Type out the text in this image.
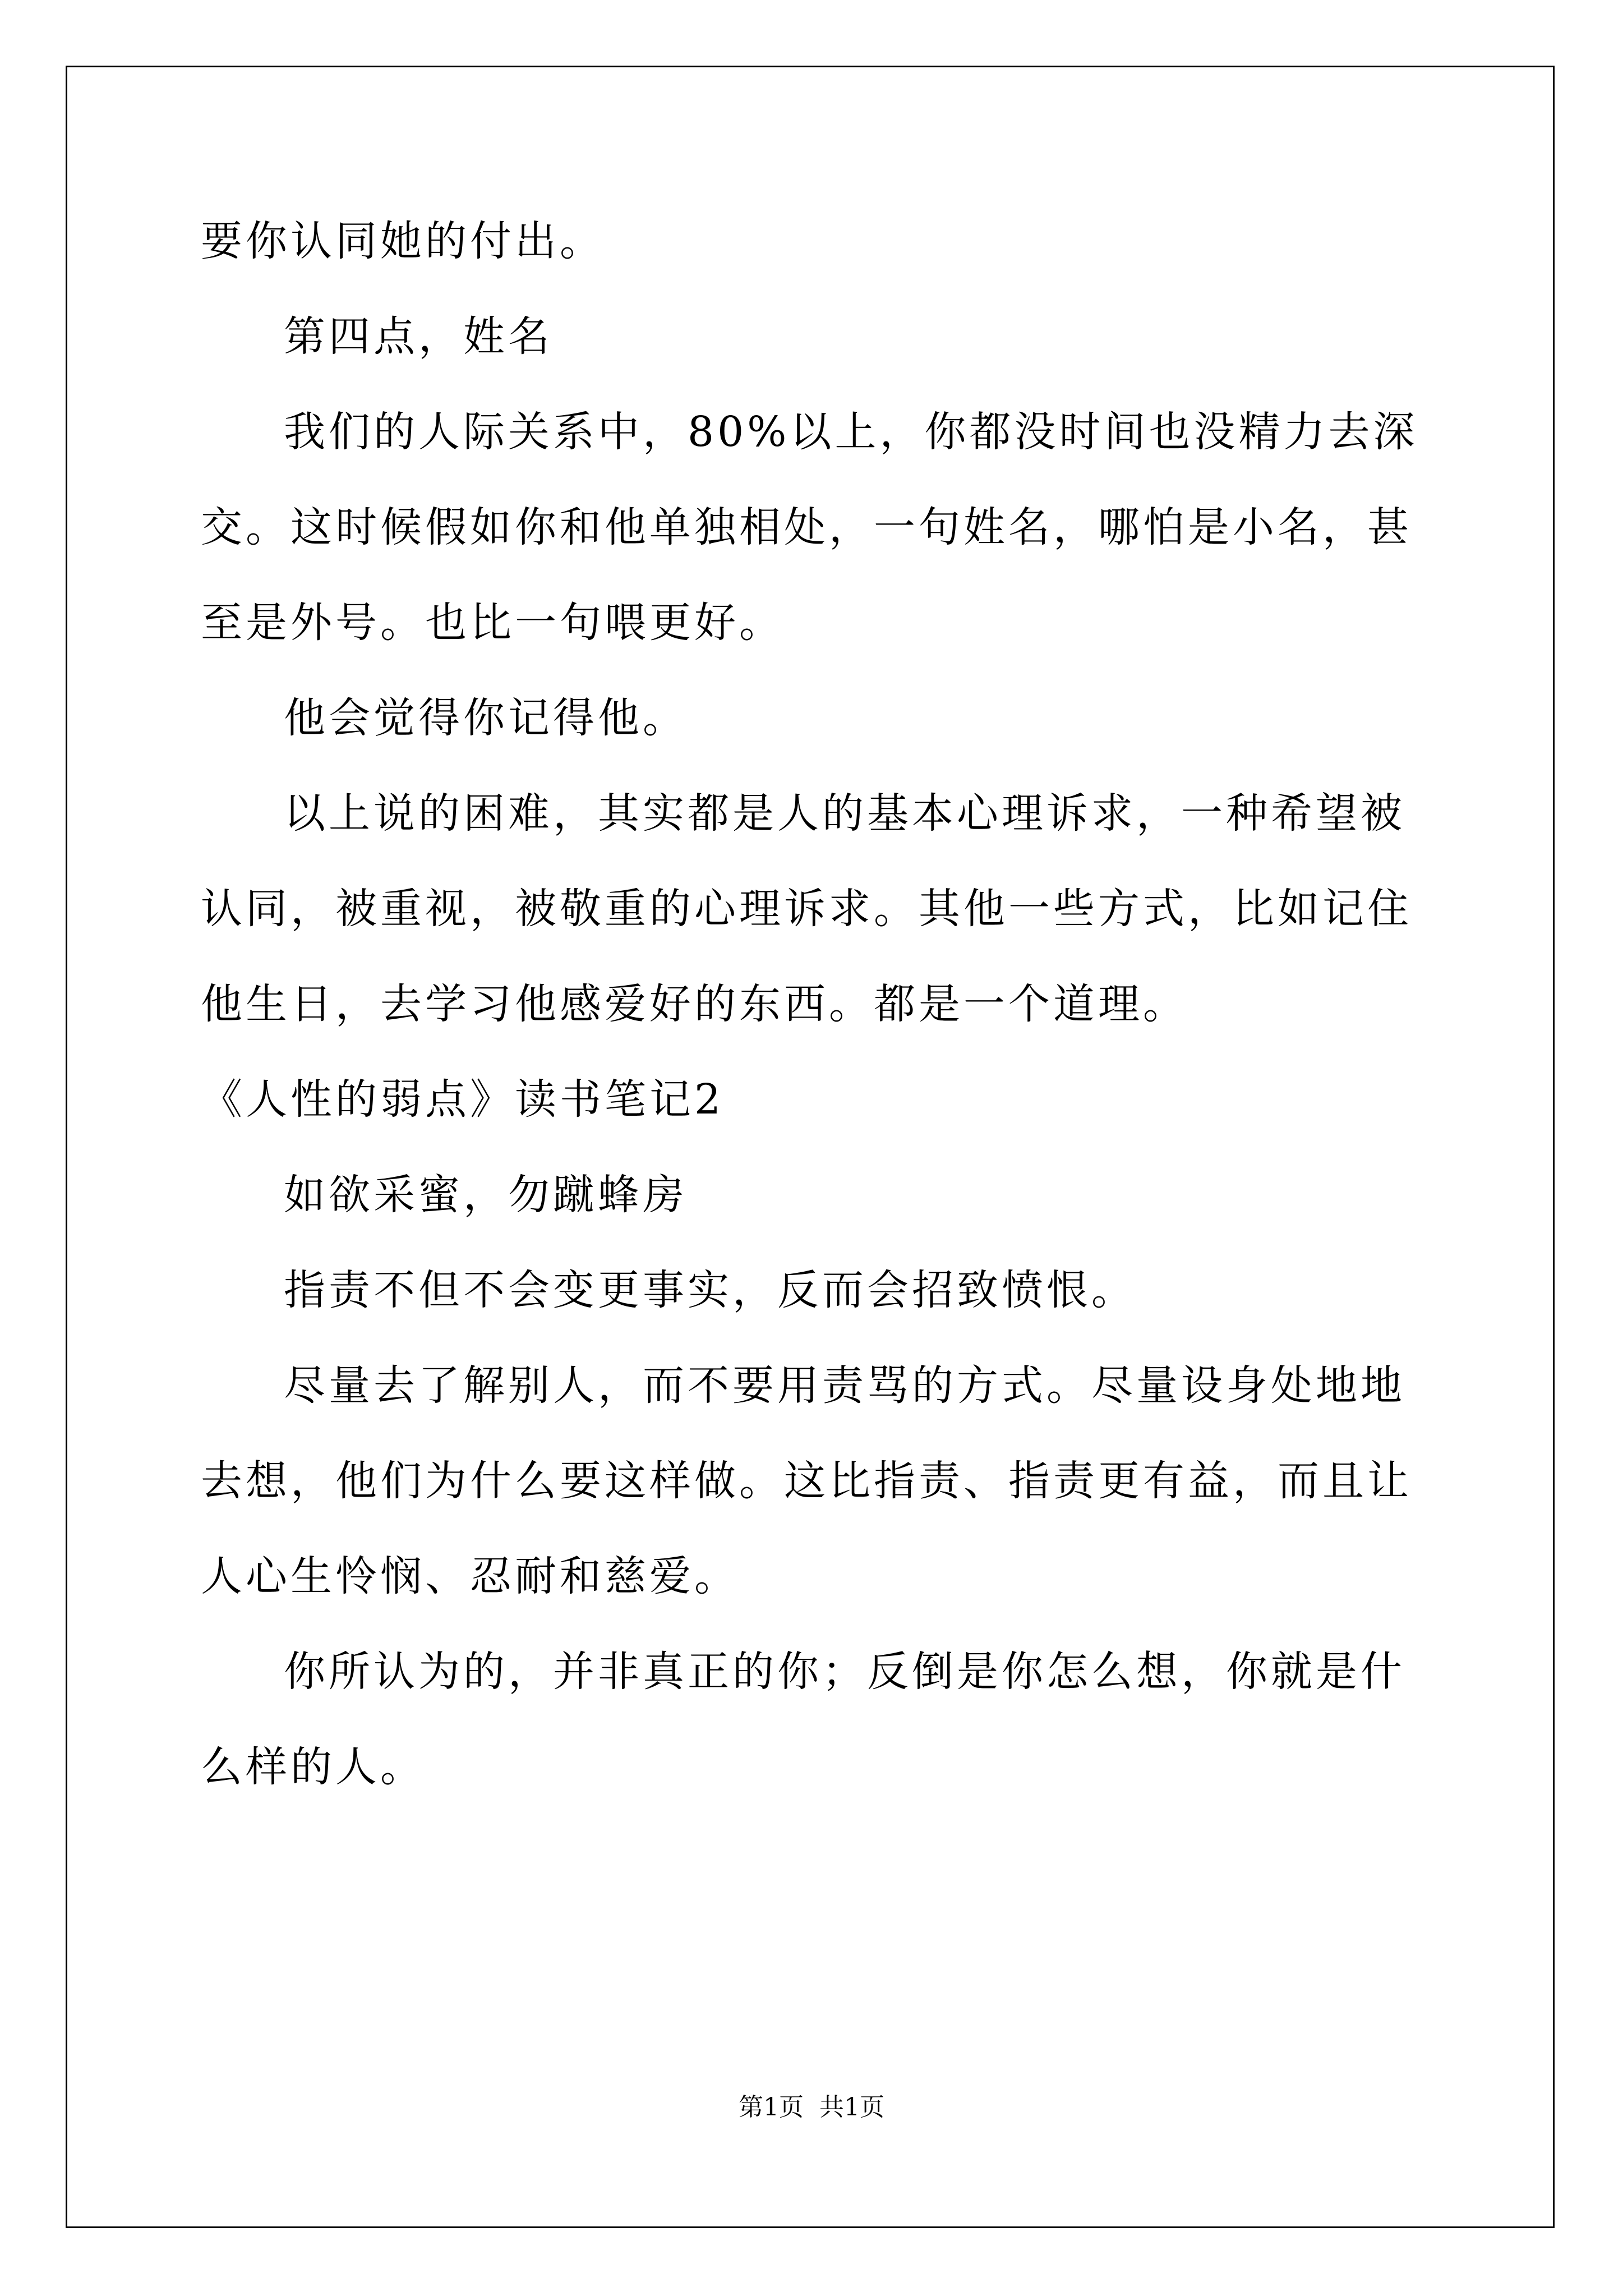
要你认同她的付出。

第四点，姓名

我们的人际关系中，80%以上，你都没时间也没精力去深交。这时候假如你和他单独相处，一句姓名，哪怕是小名，甚至是外号。也比一句喂更好。

他会觉得你记得他。

以上说的困难，其实都是人的基本心理诉求，一种希望被认同，被重视，被敬重的心理诉求。其他一些方式，比如记住他生日，去学习他感爱好的东西。都是一个道理。

《人性的弱点》读书笔记2

如欲采蜜，勿蹴蜂房

指责不但不会变更事实，反而会招致愤恨。

尽量去了解别人，而不要用责骂的方式。尽量设身处地地去想，他们为什么要这样做。这比指责、指责更有益，而且让人心生怜悯、忍耐和慈爱。

你所认为的，并非真正的你；反倒是你怎么想，你就是什么样的人。

第1页 共1页
